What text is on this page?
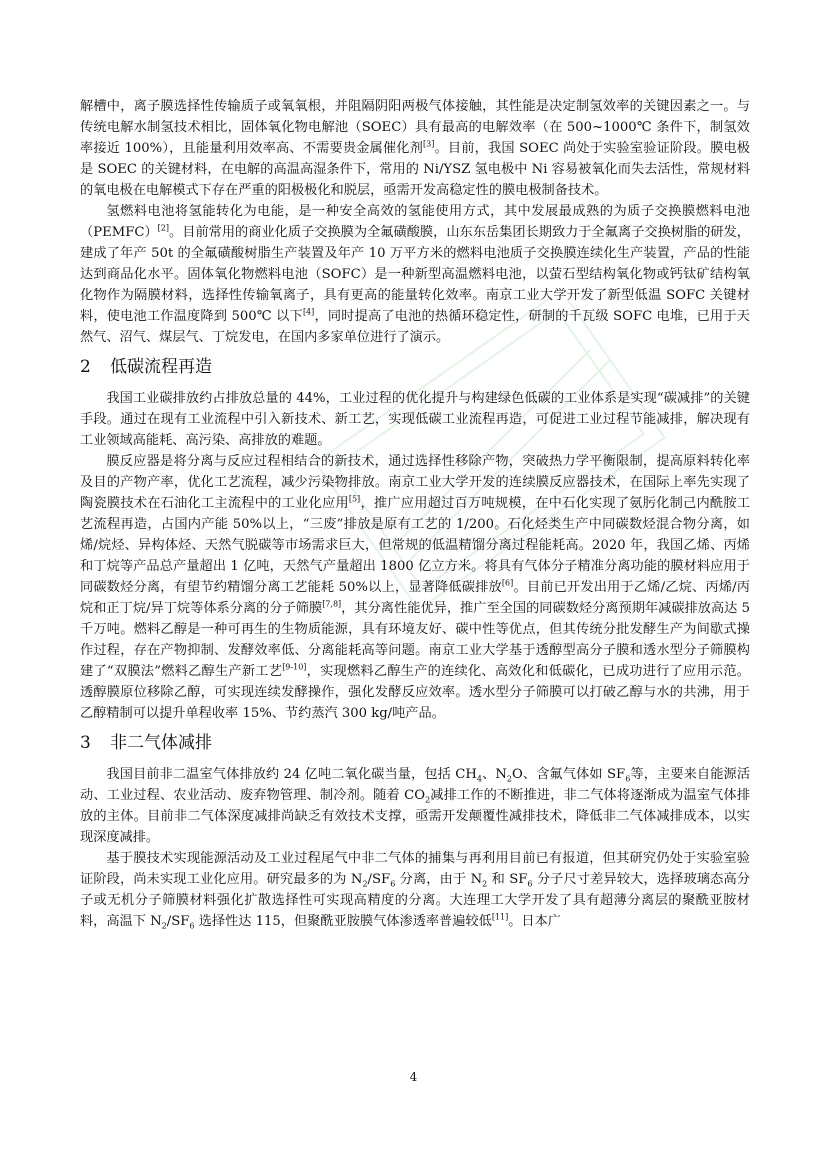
解槽中，离子膜选择性传输质子或氧氧根，并阻隔阴阳两极气体接触，其性能是决定制氢效率的关键因素之一。与传统电解水制氢技术相比，固体氧化物电解池（SOEC）具有最高的电解效率（在 500~1000℃ 条件下，制氢效率接近 100%），且能量利用效率高、不需要贵金属催化剂[3]。目前，我国 SOEC 尚处于实验室验证阶段。膜电极是 SOEC 的关键材料，在电解的高温高湿条件下，常用的 Ni/YSZ 氢电极中 Ni 容易被氧化而失去活性，常规材料的氧电极在电解模式下存在严重的阳极极化和脱层，亟需开发高稳定性的膜电极制备技术。

氢燃料电池将氢能转化为电能，是一种安全高效的氢能使用方式，其中发展最成熟的为质子交换膜燃料电池（PEMFC）[2]。目前常用的商业化质子交换膜为全氟磺酸膜，山东东岳集团长期致力于全氟离子交换树脂的研发，建成了年产 50t 的全氟磺酸树脂生产装置及年产 10 万平方米的燃料电池质子交换膜连续化生产装置，产品的性能达到商品化水平。固体氧化物燃料电池（SOFC）是一种新型高温燃料电池，以萤石型结构氧化物或钙钛矿结构氧化物作为隔膜材料，选择性传输氧离子，具有更高的能量转化效率。南京工业大学开发了新型低温 SOFC 关键材料，使电池工作温度降到 500℃ 以下[4]，同时提高了电池的热循环稳定性，研制的千瓦级 SOFC 电堆，已用于天然气、沼气、煤层气、丁烷发电，在国内多家单位进行了演示。

2 低碳流程再造

我国工业碳排放约占排放总量的 44%，工业过程的优化提升与构建绿色低碳的工业体系是实现“碳减排”的关键手段。通过在现有工业流程中引入新技术、新工艺，实现低碳工业流程再造，可促进工业过程节能减排，解决现有工业领域高能耗、高污染、高排放的难题。

膜反应器是将分离与反应过程相结合的新技术，通过选择性移除产物，突破热力学平衡限制，提高原料转化率及目的产物产率，优化工艺流程，减少污染物排放。南京工业大学开发的连续膜反应器技术，在国际上率先实现了陶瓷膜技术在石油化工主流程中的工业化应用[5]，推广应用超过百万吨规模，在中石化实现了氨肟化制己内酰胺工艺流程再造，占国内产能 50%以上，“三废”排放是原有工艺的 1/200。石化烃类生产中同碳数烃混合物分离，如烯/烷烃、异构体烃、天然气脱碳等市场需求巨大，但常规的低温精馏分离过程能耗高。2020 年，我国乙烯、丙烯和丁烷等产品总产量超出 1 亿吨，天然气产量超出 1800 亿立方米。将具有气体分子精准分离功能的膜材料应用于同碳数烃分离，有望节约精馏分离工艺能耗 50%以上，显著降低碳排放[6]。目前已开发出用于乙烯/乙烷、丙烯/丙烷和正丁烷/异丁烷等体系分离的分子筛膜[7,8]，其分离性能优异，推广至全国的同碳数烃分离预期年减碳排放高达 5 千万吨。燃料乙醇是一种可再生的生物质能源，具有环境友好、碳中性等优点，但其传统分批发酵生产为间歇式操作过程，存在产物抑制、发酵效率低、分离能耗高等问题。南京工业大学基于透醇型高分子膜和透水型分子筛膜构建了“双膜法”燃料乙醇生产新工艺[9-10]，实现燃料乙醇生产的连续化、高效化和低碳化，已成功进行了应用示范。透醇膜原位移除乙醇，可实现连续发酵操作，强化发酵反应效率。透水型分子筛膜可以打破乙醇与水的共沸，用于乙醇精制可以提升单程收率 15%、节约蒸汽 300 kg/吨产品。

3 非二气体减排

我国目前非二温室气体排放约 24 亿吨二氧化碳当量，包括 $CH_4$、$N_2O$、含氟气体如 $SF_6$等，主要来自能源活动、工业过程、农业活动、废弃物管理、制冷剂。随着 $CO_2$减排工作的不断推进，非二气体将逐渐成为温室气体排放的主体。目前非二气体深度减排尚缺乏有效技术支撑，亟需开发颠覆性减排技术，降低非二气体减排成本，以实现深度减排。

基于膜技术实现能源活动及工业过程尾气中非二气体的捕集与再利用目前已有报道，但其研究仍处于实验室验证阶段，尚未实现工业化应用。研究最多的为 $N_2/SF_6$ 分离，由于 $N_2$ 和 $SF_6$ 分子尺寸差异较大，选择玻璃态高分子或无机分子筛膜材料强化扩散选择性可实现高精度的分离。大连理工大学开发了具有超薄分离层的聚酰亚胺材料，高温下 $N_2/SF_6$ 选择性达 115，但聚酰亚胺膜气体渗透率普遍较低[11]。日本广

4
